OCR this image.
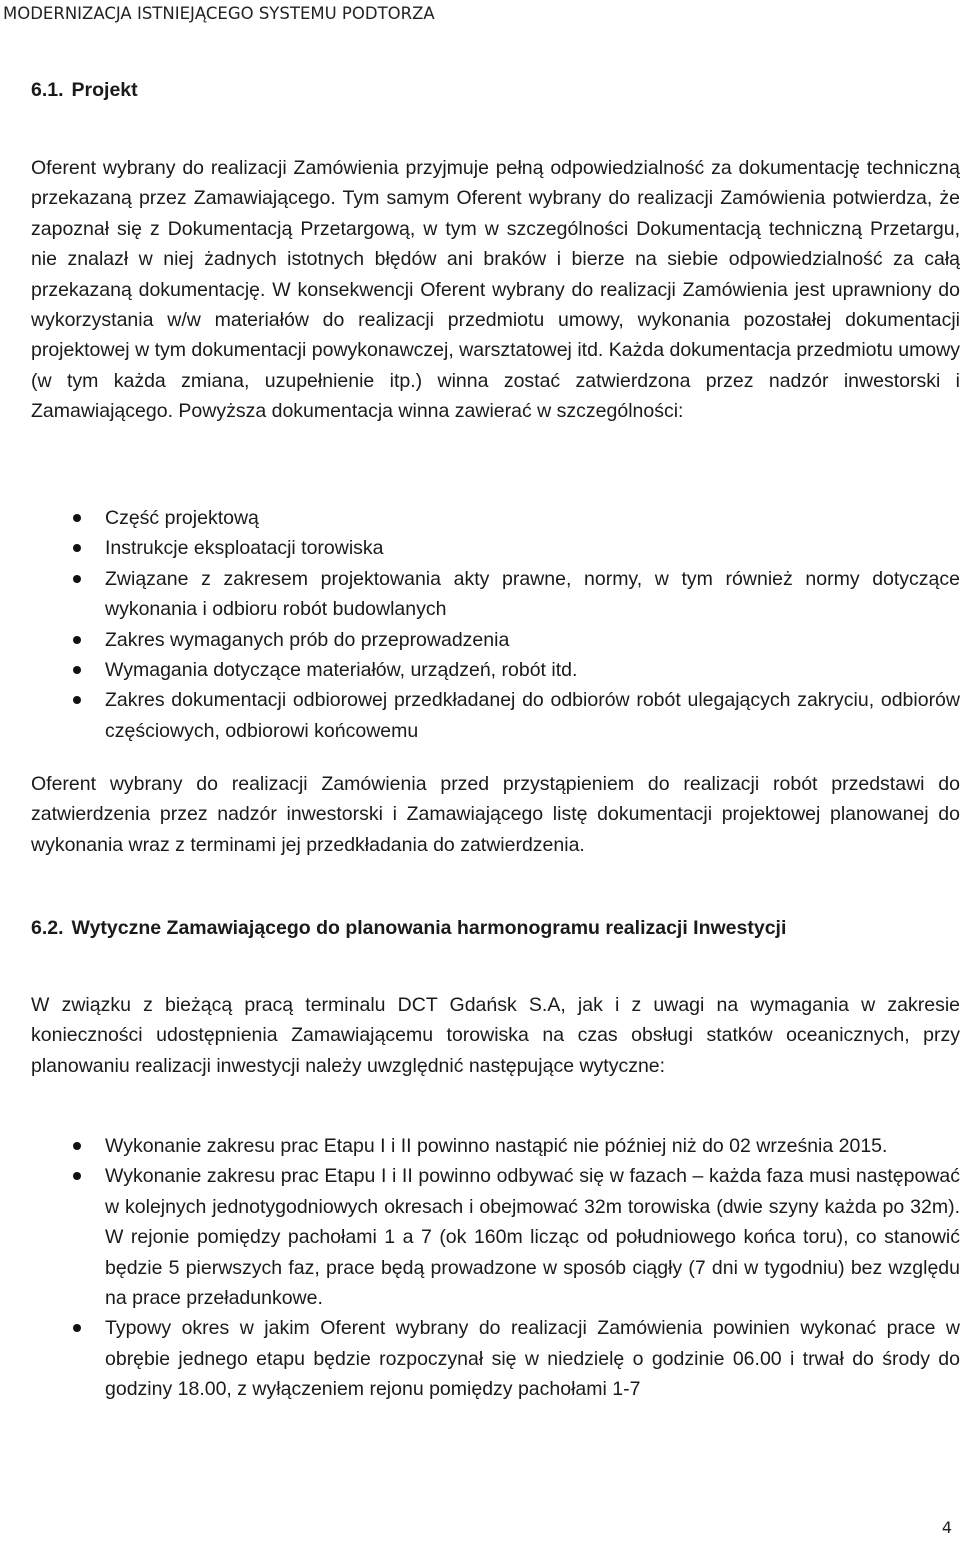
MODERNIZACJA ISTNIEJĄCEGO SYSTEMU PODTORZA
6.1. Projekt

Oferent wybrany do realizacji Zamówienia przyjmuje pełną odpowiedzialność za dokumentację techniczną przekazaną przez Zamawiającego. Tym samym Oferent wybrany do realizacji Zamówienia potwierdza, że zapoznał się z Dokumentacją Przetargową, w tym w szczególności Dokumentacją techniczną Przetargu, nie znalazł w niej żadnych istotnych błędów ani braków i bierze na siebie odpowiedzialność za całą przekazaną dokumentację. W konsekwencji Oferent wybrany do realizacji Zamówienia jest uprawniony do wykorzystania w/w materiałów do realizacji przedmiotu umowy, wykonania pozostałej dokumentacji projektowej w tym dokumentacji powykonawczej, warsztatowej itd. Każda dokumentacja przedmiotu umowy (w tym każda zmiana, uzupełnienie itp.) winna zostać zatwierdzona przez nadzór inwestorski i Zamawiającego. Powyższa dokumentacja winna zawierać w szczególności:

Część projektową
Instrukcje eksploatacji torowiska
Związane z zakresem projektowania akty prawne, normy, w tym również normy dotyczące wykonania i odbioru robót budowlanych
Zakres wymaganych prób do przeprowadzenia
Wymagania dotyczące materiałów, urządzeń, robót itd.
Zakres dokumentacji odbiorowej przedkładanej do odbiorów robót ulegających zakryciu, odbiorów częściowych, odbiorowi końcowemu

Oferent wybrany do realizacji Zamówienia przed przystąpieniem do realizacji robót przedstawi do zatwierdzenia przez nadzór inwestorski i Zamawiającego listę dokumentacji projektowej planowanej do wykonania wraz z terminami jej przedkładania do zatwierdzenia.

6.2. Wytyczne Zamawiającego do planowania harmonogramu realizacji Inwestycji

W związku z bieżącą pracą terminalu DCT Gdańsk S.A, jak i z uwagi na wymagania w zakresie konieczności udostępnienia Zamawiającemu torowiska na czas obsługi statków oceanicznych, przy planowaniu realizacji inwestycji należy uwzględnić następujące wytyczne:

Wykonanie zakresu prac Etapu I i II powinno nastąpić nie później niż do 02 września 2015.
Wykonanie zakresu prac Etapu I i II powinno odbywać się w fazach – każda faza musi następować w kolejnych jednotygodniowych okresach i obejmować 32m torowiska (dwie szyny każda po 32m). W rejonie pomiędzy pachołami 1 a 7 (ok 160m licząc od południowego końca toru), co stanowić będzie 5 pierwszych faz, prace będą prowadzone w sposób ciągły (7 dni w tygodniu) bez względu na prace przeładunkowe.
Typowy okres w jakim Oferent wybrany do realizacji Zamówienia powinien wykonać prace w obrębie jednego etapu będzie rozpoczynał się w niedzielę o godzinie 06.00 i trwał do środy do godziny 18.00, z wyłączeniem rejonu pomiędzy pachołami 1-7
4
